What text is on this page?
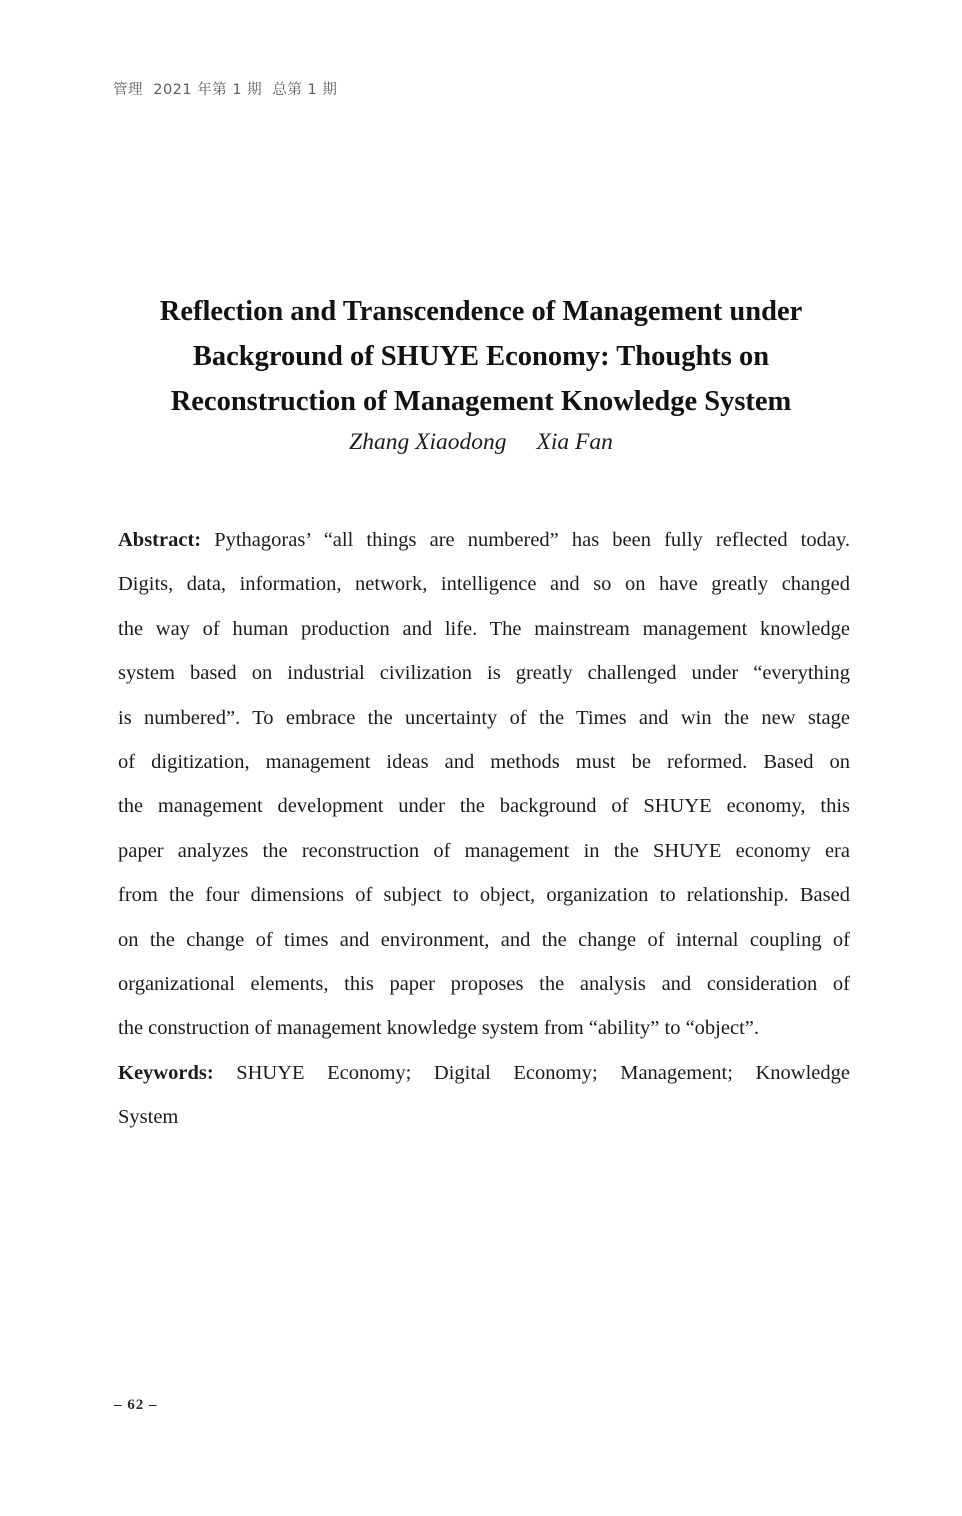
管理  2021 年第 1 期  总第 1 期
Reflection and Transcendence of Management under
Background of SHUYE Economy: Thoughts on
Reconstruction of Management Knowledge System
Zhang Xiaodong Xia Fan
Abstract: Pythagoras’ “all things are numbered” has been fully reflected today.
Digits, data, information, network, intelligence and so on have greatly changed
the way of human production and life. The mainstream management knowledge
system based on industrial civilization is greatly challenged under “everything
is numbered”. To embrace the uncertainty of the Times and win the new stage
of digitization, management ideas and methods must be reformed. Based on
the management development under the background of SHUYE economy, this
paper analyzes the reconstruction of management in the SHUYE economy era
from the four dimensions of subject to object, organization to relationship. Based
on the change of times and environment, and the change of internal coupling of
organizational elements, this paper proposes the analysis and consideration of
the construction of management knowledge system from “ability” to “object”.
Keywords: SHUYE Economy; Digital Economy; Management; Knowledge
System
– 62 –
